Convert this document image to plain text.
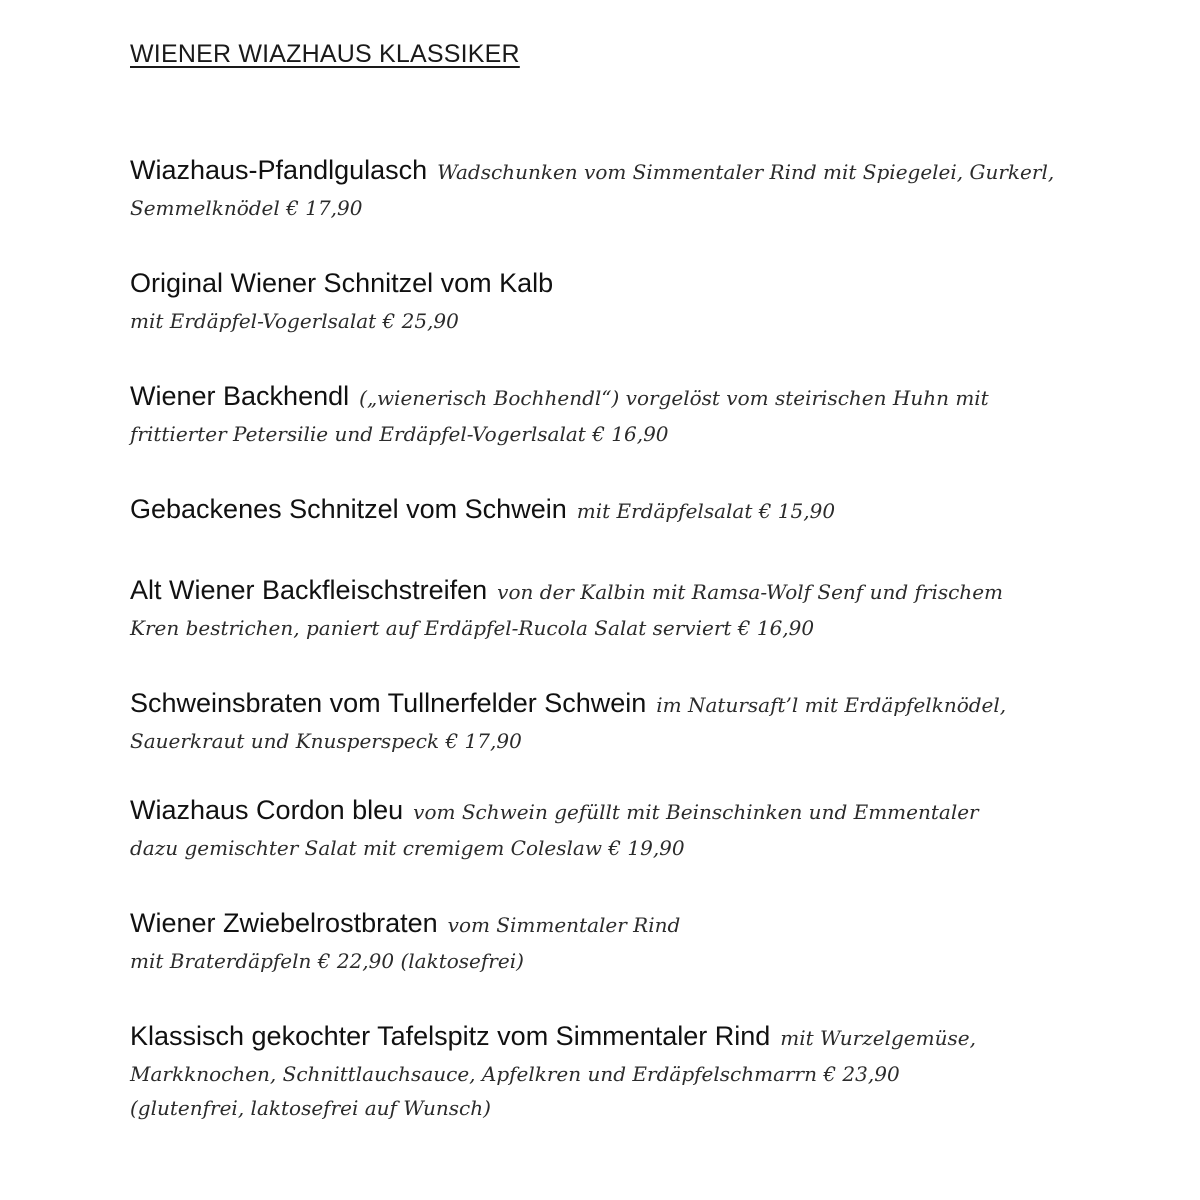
WIENER WIAZHAUS KLASSIKER
Wiazhaus-Pfandlgulasch Wadschunken vom Simmentaler Rind mit Spiegelei, Gurkerl,
Semmelknödel € 17,90
Original Wiener Schnitzel vom Kalb
mit Erdäpfel-Vogerlsalat € 25,90
Wiener Backhendl („wienerisch Bochhendl“) vorgelöst vom steirischen Huhn mit
frittierter Petersilie und Erdäpfel-Vogerlsalat € 16,90
Gebackenes Schnitzel vom Schwein mit Erdäpfelsalat € 15,90
Alt Wiener Backfleischstreifen von der Kalbin mit Ramsa-Wolf Senf und frischem
Kren bestrichen, paniert auf Erdäpfel-Rucola Salat serviert € 16,90
Schweinsbraten vom Tullnerfelder Schwein im Natursaft’l mit Erdäpfelknödel,
Sauerkraut und Knusperspeck € 17,90
Wiazhaus Cordon bleu vom Schwein gefüllt mit Beinschinken und Emmentaler
dazu gemischter Salat mit cremigem Coleslaw € 19,90
Wiener Zwiebelrostbraten vom Simmentaler Rind
mit Braterdäpfeln € 22,90 (laktosefrei)
Klassisch gekochter Tafelspitz vom Simmentaler Rind mit Wurzelgemüse,
Markknochen, Schnittlauchsauce, Apfelkren und Erdäpfelschmarrn € 23,90
(glutenfrei, laktosefrei auf Wunsch)
